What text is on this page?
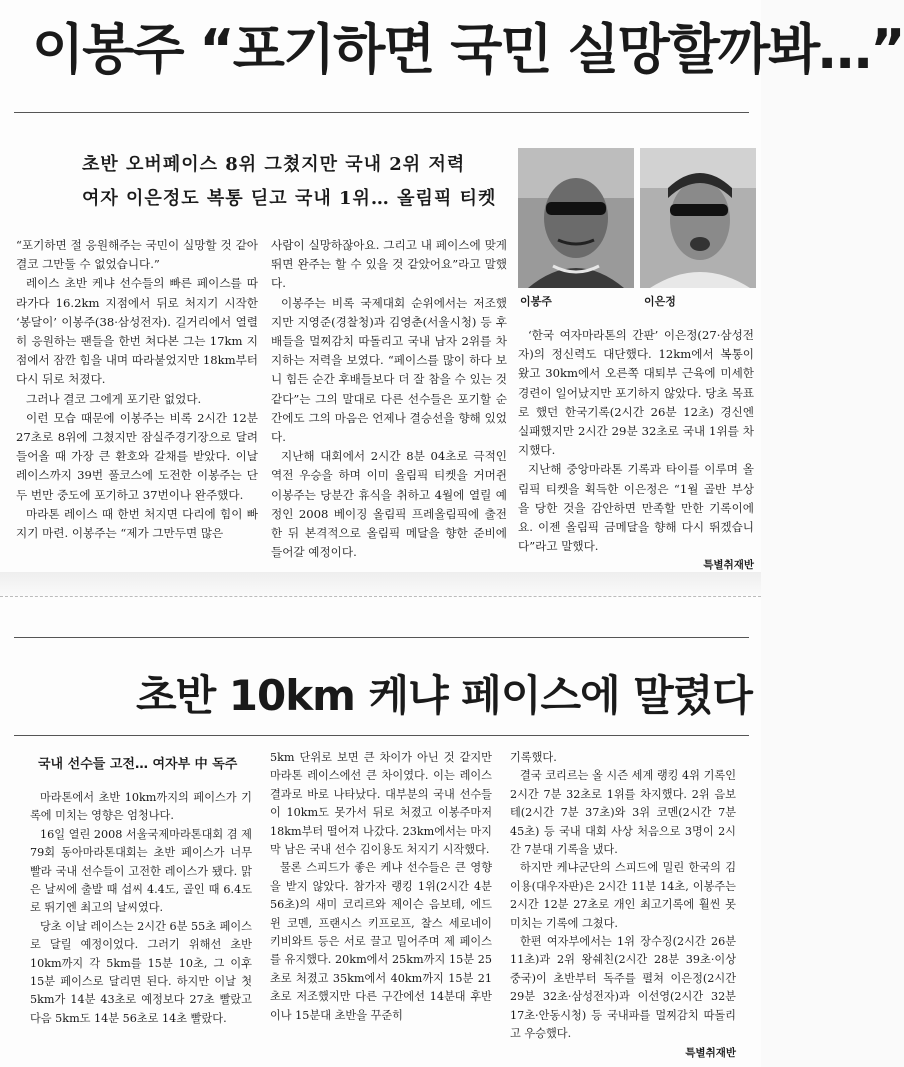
이봉주 “포기하면 국민 실망할까봐…”
초반 오버페이스 8위 그쳤지만 국내 2위 저력
여자 이은정도 복통 딛고 국내 1위… 올림픽 티켓
이봉주	이은정

“포기하면 절 응원해주는 국민이 실망할 것 같아 결코 그만둘 수 없었습니다.”

레이스 초반 케냐 선수들의 빠른 페이스를 따라가다 16.2km 지점에서 뒤로 처지기 시작한 ‘봉달이’ 이봉주(38·삼성전자). 길거리에서 열렬히 응원하는 팬들을 한번 쳐다본 그는 17km 지점에서 잠깐 힘을 내며 따라붙었지만 18km부터 다시 뒤로 처졌다.

그러나 결코 그에게 포기란 없었다.

이런 모습 때문에 이봉주는 비록 2시간 12분 27초로 8위에 그쳤지만 잠실주경기장으로 달려 들어올 때 가장 큰 환호와 갈채를 받았다. 이날 레이스까지 39번 풀코스에 도전한 이봉주는 단 두 번만 중도에 포기하고 37번이나 완주했다.

마라톤 레이스 때 한번 처지면 다리에 힘이 빠지기 마련. 이봉주는 “제가 그만두면 많은

사람이 실망하잖아요. 그리고 내 페이스에 맞게 뛰면 완주는 할 수 있을 것 같았어요”라고 말했다.

이봉주는 비록 국제대회 순위에서는 저조했지만 지영준(경찰청)과 김영춘(서울시청) 등 후배들을 멀찌감치 따돌리고 국내 남자 2위를 차지하는 저력을 보였다. “페이스를 많이 하다 보니 힘든 순간 후배들보다 더 잘 참을 수 있는 것 같다”는 그의 말대로 다른 선수들은 포기할 순간에도 그의 마음은 언제나 결승선을 향해 있었다.

지난해 대회에서 2시간 8분 04초로 극적인 역전 우승을 하며 이미 올림픽 티켓을 거머쥔 이봉주는 당분간 휴식을 취하고 4월에 열릴 예정인 2008 베이징 올림픽 프레올림픽에 출전한 뒤 본격적으로 올림픽 메달을 향한 준비에 들어갈 예정이다.

‘한국 여자마라톤의 간판’ 이은정(27·삼성전자)의 정신력도 대단했다. 12km에서 복통이 왔고 30km에서 오른쪽 대퇴부 근육에 미세한 경련이 일어났지만 포기하지 않았다. 당초 목표로 했던 한국기록(2시간 26분 12초) 경신엔 실패했지만 2시간 29분 32초로 국내 1위를 차지했다.

지난해 중앙마라톤 기록과 타이를 이루며 올림픽 티켓을 획득한 이은정은 “1월 골반 부상을 당한 것을 감안하면 만족할 만한 기록이에요. 이젠 올림픽 금메달을 향해 다시 뛰겠습니다”라고 말했다.

특별취재반

초반 10km 케냐 페이스에 말렸다
국내 선수들 고전… 여자부 中 독주

마라톤에서 초반 10km까지의 페이스가 기록에 미치는 영향은 엄청나다.

16일 열린 2008 서울국제마라톤대회 겸 제79회 동아마라톤대회는 초반 페이스가 너무 빨라 국내 선수들이 고전한 레이스가 됐다. 맑은 날씨에 출발 때 섭씨 4.4도, 골인 때 6.4도로 뛰기엔 최고의 날씨였다.

당초 이날 레이스는 2시간 6분 55초 페이스로 달릴 예정이었다. 그러기 위해선 초반 10km까지 각 5km를 15분 10초, 그 이후 15분 페이스로 달리면 된다. 하지만 이날 첫 5km가 14분 43초로 예정보다 27초 빨랐고 다음 5km도 14분 56초로 14초 빨랐다.

5km 단위로 보면 큰 차이가 아닌 것 같지만 마라톤 레이스에선 큰 차이였다. 이는 레이스 결과로 바로 나타났다. 대부분의 국내 선수들이 10km도 못가서 뒤로 처졌고 이봉주마저 18km부터 떨어져 나갔다. 23km에서는 마지막 남은 국내 선수 김이용도 처지기 시작했다.

물론 스피드가 좋은 케냐 선수들은 큰 영향을 받지 않았다. 참가자 랭킹 1위(2시간 4분 56초)의 새미 코리르와 제이슨 음보테, 에드윈 코멘, 프랜시스 키프로프, 찰스 세로네이 키비와트 등은 서로 끌고 밀어주며 제 페이스를 유지했다. 20km에서 25km까지 15분 25초로 처졌고 35km에서 40km까지 15분 21초로 저조했지만 다른 구간에선 14분대 후반이나 15분대 초반을 꾸준히

기록했다.

결국 코리르는 올 시즌 세계 랭킹 4위 기록인 2시간 7분 32초로 1위를 차지했다. 2위 음보테(2시간 7분 37초)와 3위 코멘(2시간 7분 45초) 등 국내 대회 사상 처음으로 3명이 2시간 7분대 기록을 냈다.

하지만 케냐군단의 스피드에 밀린 한국의 김이용(대우자판)은 2시간 11분 14초, 이봉주는 2시간 12분 27초로 개인 최고기록에 훨씬 못 미치는 기록에 그쳤다.

한편 여자부에서는 1위 장수징(2시간 26분 11초)과 2위 왕쉐친(2시간 28분 39초·이상 중국)이 초반부터 독주를 펼쳐 이은정(2시간 29분 32초·삼성전자)과 이선영(2시간 32분 17초·안동시청) 등 국내파를 멀찌감치 따돌리고 우승했다.

특별취재반
